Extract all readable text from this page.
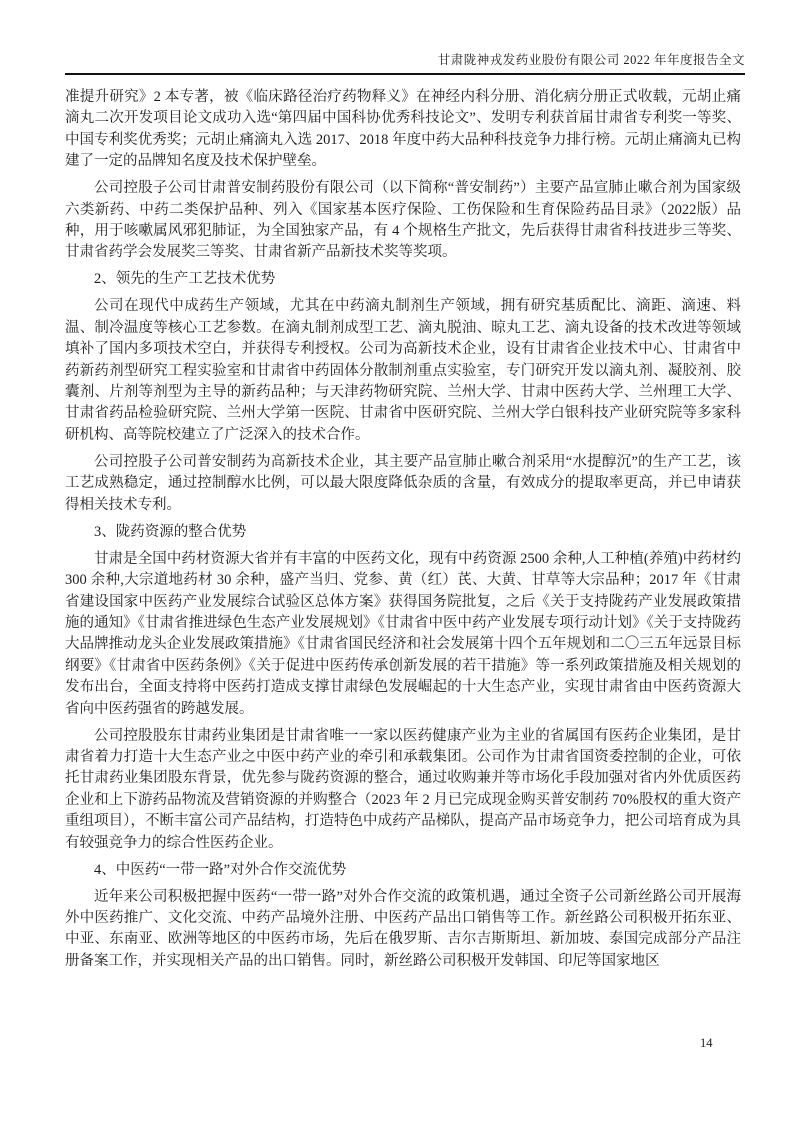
甘肃陇神戎发药业股份有限公司 2022 年年度报告全文

准提升研究》2 本专著，被《临床路径治疗药物释义》在神经内科分册、消化病分册正式收载，元胡止痛滴丸二次开发项目论文成功入选“第四届中国科协优秀科技论文”、发明专利获首届甘肃省专利奖一等奖、中国专利奖优秀奖；元胡止痛滴丸入选 2017、2018 年度中药大品种科技竞争力排行榜。元胡止痛滴丸已构建了一定的品牌知名度及技术保护壁垒。

公司控股子公司甘肃普安制药股份有限公司（以下简称“普安制药”）主要产品宣肺止嗽合剂为国家级六类新药、中药二类保护品种、列入《国家基本医疗保险、工伤保险和生育保险药品目录》（2022版）品种，用于咳嗽属风邪犯肺证，为全国独家产品，有 4 个规格生产批文，先后获得甘肃省科技进步三等奖、甘肃省药学会发展奖三等奖、甘肃省新产品新技术奖等奖项。

2、领先的生产工艺技术优势

公司在现代中成药生产领域，尤其在中药滴丸制剂生产领域，拥有研究基质配比、滴距、滴速、料温、制冷温度等核心工艺参数。在滴丸制剂成型工艺、滴丸脱油、晾丸工艺、滴丸设备的技术改进等领域填补了国内多项技术空白，并获得专利授权。公司为高新技术企业，设有甘肃省企业技术中心、甘肃省中药新药剂型研究工程实验室和甘肃省中药固体分散制剂重点实验室，专门研究开发以滴丸剂、凝胶剂、胶囊剂、片剂等剂型为主导的新药品种；与天津药物研究院、兰州大学、甘肃中医药大学、兰州理工大学、甘肃省药品检验研究院、兰州大学第一医院、甘肃省中医研究院、兰州大学白银科技产业研究院等多家科研机构、高等院校建立了广泛深入的技术合作。

公司控股子公司普安制药为高新技术企业，其主要产品宣肺止嗽合剂采用“水提醇沉”的生产工艺，该工艺成熟稳定，通过控制醇水比例，可以最大限度降低杂质的含量，有效成分的提取率更高，并已申请获得相关技术专利。

3、陇药资源的整合优势

甘肃是全国中药材资源大省并有丰富的中医药文化，现有中药资源 2500 余种,人工种植(养殖)中药材约 300 余种,大宗道地药材 30 余种，盛产当归、党参、黄（红）芪、大黄、甘草等大宗品种；2017 年《甘肃省建设国家中医药产业发展综合试验区总体方案》获得国务院批复，之后《关于支持陇药产业发展政策措施的通知》《甘肃省推进绿色生态产业发展规划》《甘肃省中医中药产业发展专项行动计划》《关于支持陇药大品牌推动龙头企业发展政策措施》《甘肃省国民经济和社会发展第十四个五年规划和二〇三五年远景目标纲要》《甘肃省中医药条例》《关于促进中医药传承创新发展的若干措施》等一系列政策措施及相关规划的发布出台，全面支持将中医药打造成支撑甘肃绿色发展崛起的十大生态产业，实现甘肃省由中医药资源大省向中医药强省的跨越发展。

公司控股股东甘肃药业集团是甘肃省唯一一家以医药健康产业为主业的省属国有医药企业集团，是甘肃省着力打造十大生态产业之中医中药产业的牵引和承载集团。公司作为甘肃省国资委控制的企业，可依托甘肃药业集团股东背景，优先参与陇药资源的整合，通过收购兼并等市场化手段加强对省内外优质医药企业和上下游药品物流及营销资源的并购整合（2023 年 2 月已完成现金购买普安制药 70%股权的重大资产重组项目），不断丰富公司产品结构，打造特色中成药产品梯队，提高产品市场竞争力，把公司培育成为具有较强竞争力的综合性医药企业。

4、中医药“一带一路”对外合作交流优势

近年来公司积极把握中医药“一带一路”对外合作交流的政策机遇，通过全资子公司新丝路公司开展海外中医药推广、文化交流、中药产品境外注册、中医药产品出口销售等工作。新丝路公司积极开拓东亚、中亚、东南亚、欧洲等地区的中医药市场，先后在俄罗斯、吉尔吉斯斯坦、新加坡、泰国完成部分产品注册备案工作，并实现相关产品的出口销售。同时，新丝路公司积极开发韩国、印尼等国家地区

14
